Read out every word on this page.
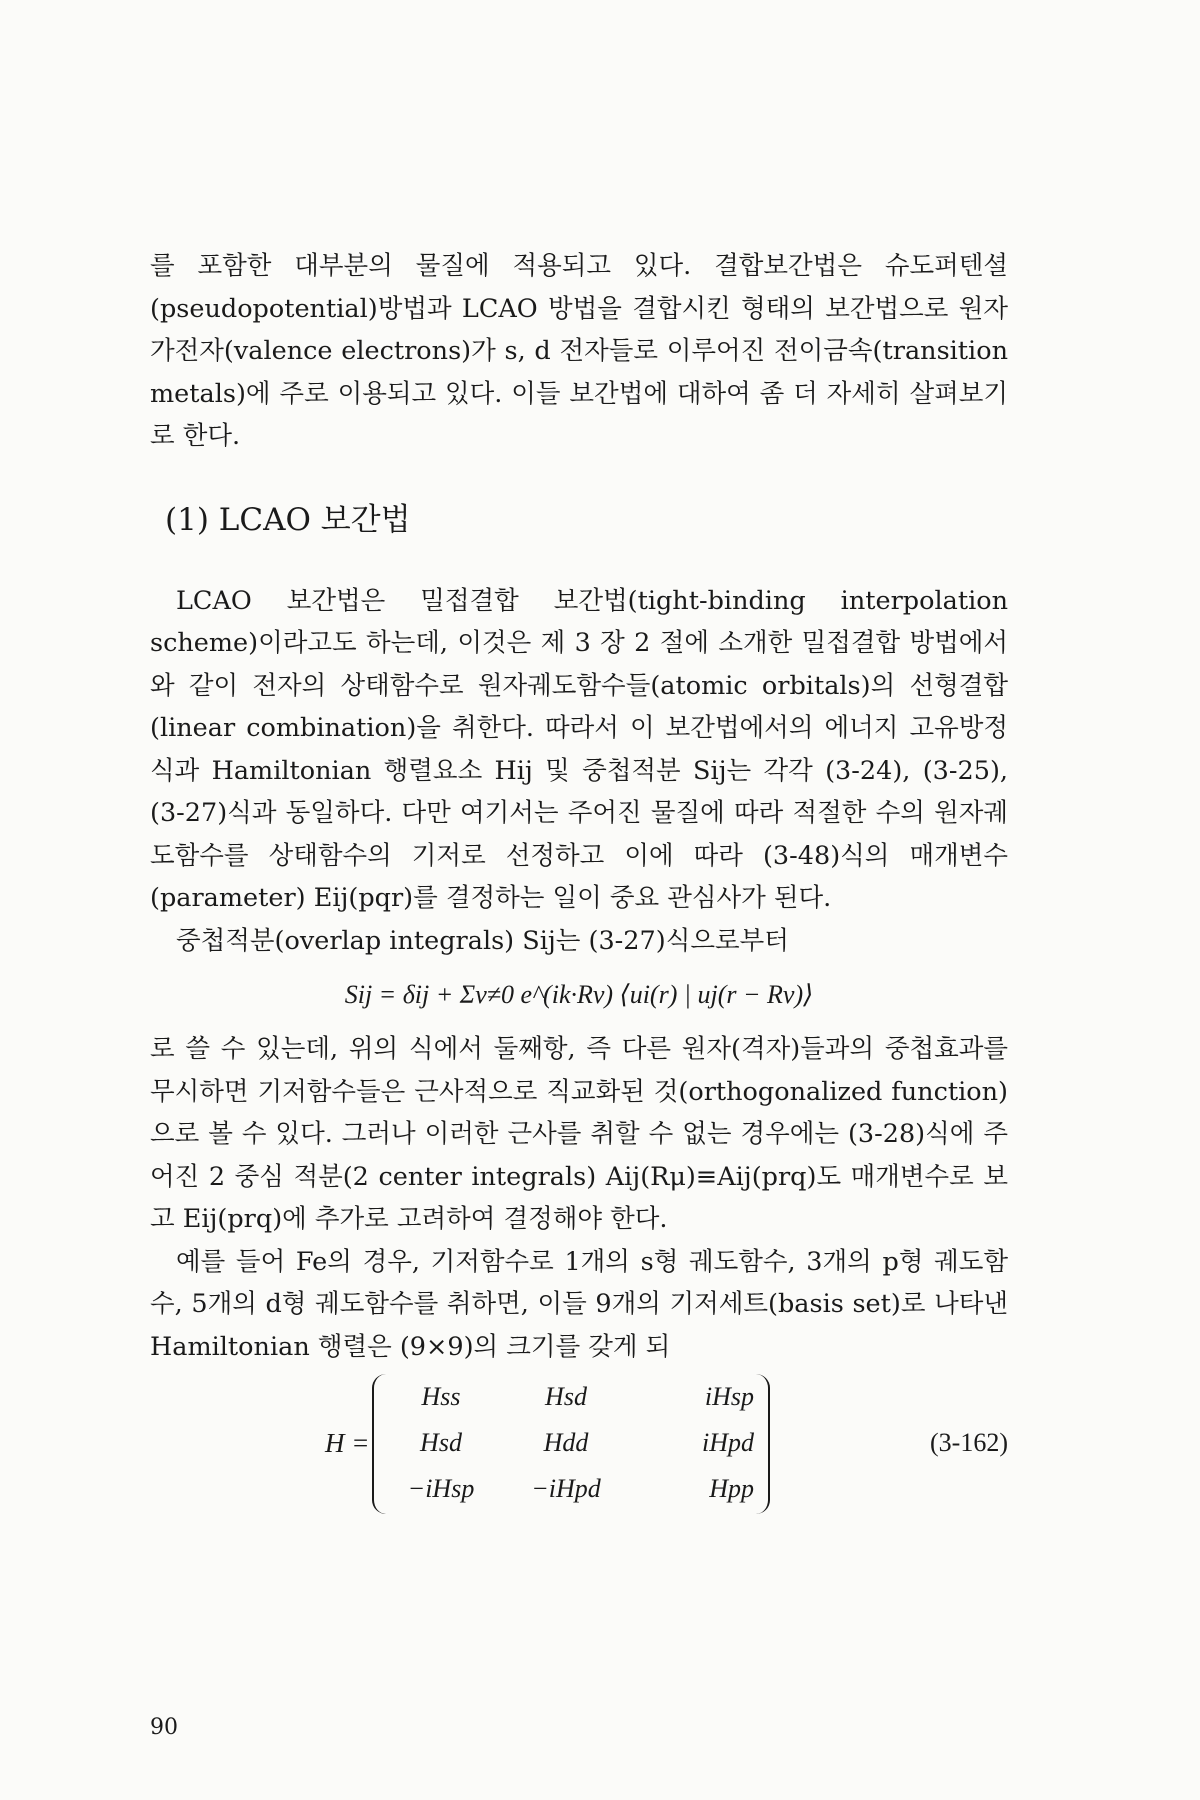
를 포함한 대부분의 물질에 적용되고 있다. 결합보간법은 슈도퍼텐셜(pseudopotential)방법과 LCAO 방법을 결합시킨 형태의 보간법으로 원자가전자(valence electrons)가 s, d 전자들로 이루어진 전이금속(transition metals)에 주로 이용되고 있다. 이들 보간법에 대하여 좀 더 자세히 살펴보기로 한다.

(1) LCAO 보간법

LCAO 보간법은 밀접결합 보간법(tight-binding interpolation scheme)이라고도 하는데, 이것은 제 3 장 2 절에 소개한 밀접결합 방법에서와 같이 전자의 상태함수로 원자궤도함수들(atomic orbitals)의 선형결합(linear combination)을 취한다. 따라서 이 보간법에서의 에너지 고유방정식과 Hamiltonian 행렬요소 Hij 및 중첩적분 Sij는 각각 (3-24), (3-25), (3-27)식과 동일하다. 다만 여기서는 주어진 물질에 따라 적절한 수의 원자궤도함수를 상태함수의 기저로 선정하고 이에 따라 (3-48)식의 매개변수(parameter) Eij(pqr)를 결정하는 일이 중요 관심사가 된다.

중첩적분(overlap integrals) Sij는 (3-27)식으로부터

Sij = δij + Σν≠0 e^(ik·Rν) ⟨ui(r) | uj(r − Rν)⟩

로 쓸 수 있는데, 위의 식에서 둘째항, 즉 다른 원자(격자)들과의 중첩효과를 무시하면 기저함수들은 근사적으로 직교화된 것(orthogonalized function)으로 볼 수 있다. 그러나 이러한 근사를 취할 수 없는 경우에는 (3-28)식에 주어진 2 중심 적분(2 center integrals) Aij(Rμ)≡Aij(prq)도 매개변수로 보고 Eij(prq)에 추가로 고려하여 결정해야 한다.

예를 들어 Fe의 경우, 기저함수로 1개의 s형 궤도함수, 3개의 p형 궤도함수, 5개의 d형 궤도함수를 취하면, 이들 9개의 기저세트(basis set)로 나타낸 Hamiltonian 행렬은 (9×9)의 크기를 갖게 되

H =
Hss	Hsd	iHsp
Hsd	Hdd	iHpd
−iHsp	−iHpd	Hpp
(3-162)
90
